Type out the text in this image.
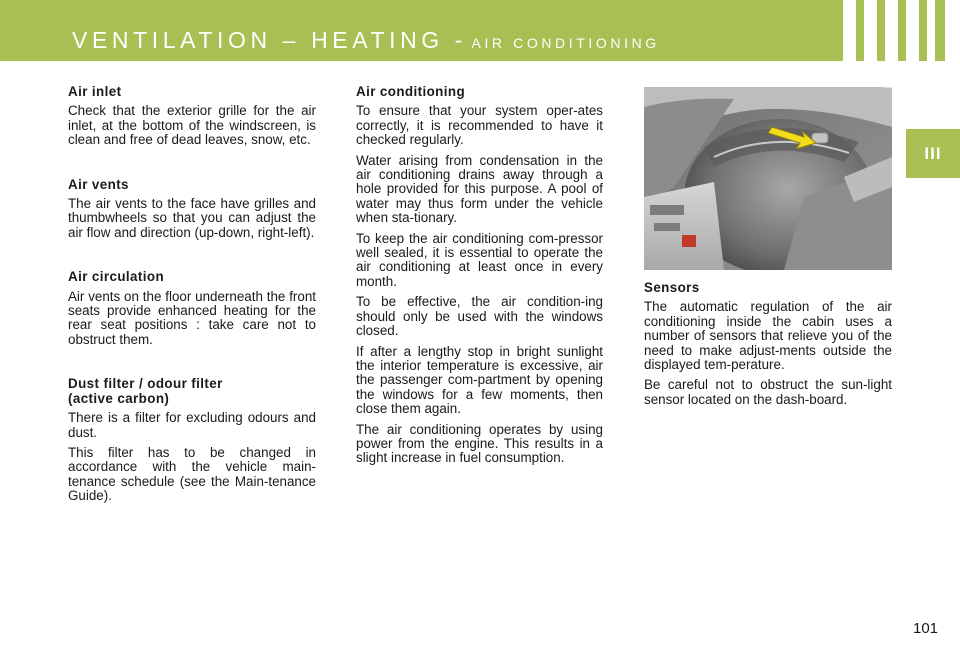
VENTILATION – HEATING - AIR CONDITIONING
III
Air inlet

Check that the exterior grille for the air inlet, at the bottom of the windscreen, is clean and free of dead leaves, snow, etc.

Air vents

The air vents to the face have grilles and thumbwheels so that you can adjust the air flow and direction (up-down, right-left).

Air circulation

Air vents on the floor underneath the front seats provide enhanced heating for the rear seat positions : take care not to obstruct them.

Dust filter / odour filter (active carbon)

There is a filter for excluding odours and dust.

This filter has to be changed in accordance with the vehicle main-tenance schedule (see the Main-tenance Guide).

Air conditioning

To ensure that your system oper-ates correctly, it is recommended to have it checked regularly.

Water arising from condensation in the air conditioning drains away through a hole provided for this purpose. A pool of water may thus form under the vehicle when sta-tionary.

To keep the air conditioning com-pressor well sealed, it is essential to operate the air conditioning at least once in every month.

To be effective, the air condition-ing should only be used with the windows closed.

If after a lengthy stop in bright sunlight the interior temperature is excessive, air the passenger com-partment by opening the windows for a few moments, then close them again.

The air conditioning operates by using power from the engine. This results in a slight increase in fuel consumption.

Sensors

The automatic regulation of the air conditioning inside the cabin uses a number of sensors that relieve you of the need to make adjust-ments outside the displayed tem-perature.

Be careful not to obstruct the sun-light sensor located on the dash-board.

101
